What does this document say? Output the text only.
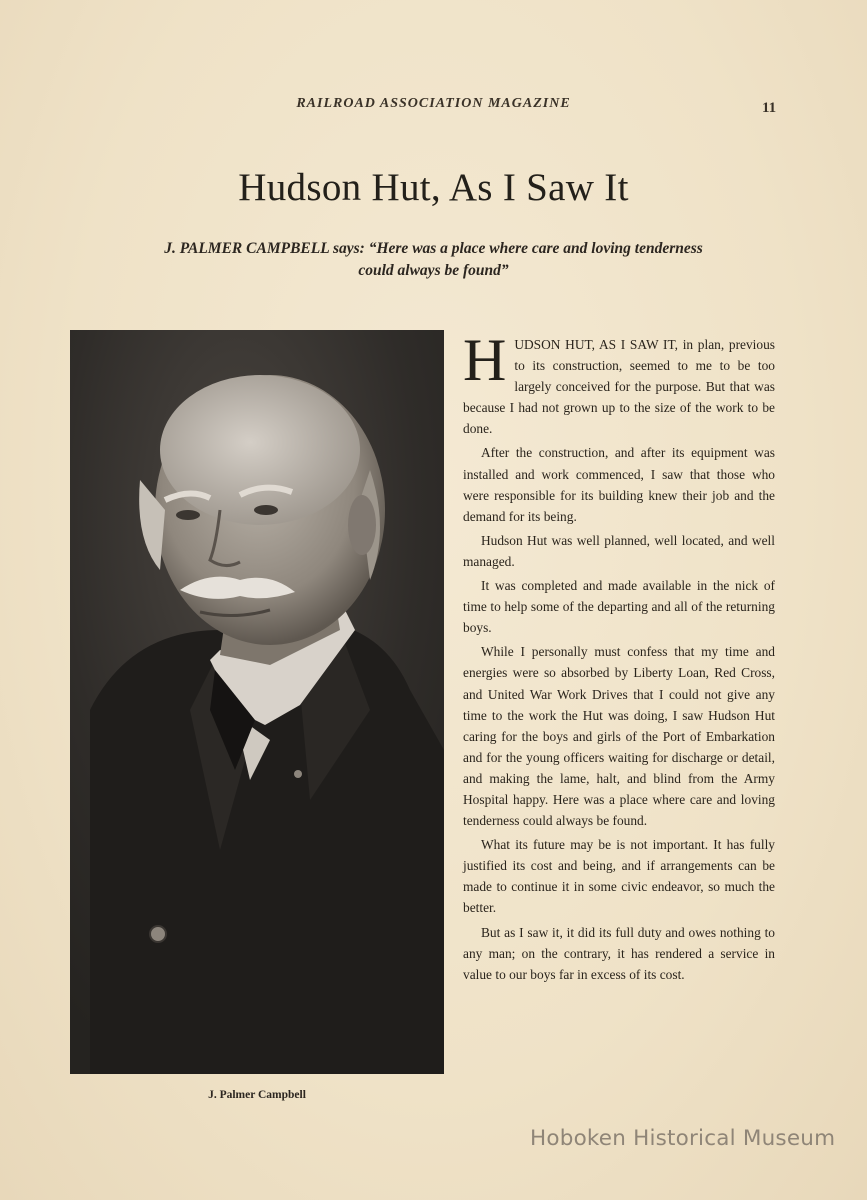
RAILROAD ASSOCIATION MAGAZINE	11
Hudson Hut, As I Saw It
J. PALMER CAMPBELL says: “Here was a place where care and loving tenderness could always be found”
J. Palmer Campbell

HUDSON HUT, AS I SAW IT, in plan, previous to its construction, seemed to me to be too largely conceived for the purpose. But that was because I had not grown up to the size of the work to be done.

After the construction, and after its equipment was installed and work commenced, I saw that those who were responsible for its building knew their job and the demand for its being.

Hudson Hut was well planned, well located, and well managed.

It was completed and made available in the nick of time to help some of the departing and all of the returning boys.

While I personally must confess that my time and energies were so absorbed by Liberty Loan, Red Cross, and United War Work Drives that I could not give any time to the work the Hut was doing, I saw Hudson Hut caring for the boys and girls of the Port of Embarkation and for the young officers waiting for discharge or detail, and making the lame, halt, and blind from the Army Hospital happy. Here was a place where care and loving tenderness could always be found.

What its future may be is not important. It has fully justified its cost and being, and if arrangements can be made to continue it in some civic endeavor, so much the better.

But as I saw it, it did its full duty and owes nothing to any man; on the contrary, it has rendered a service in value to our boys far in excess of its cost.

Hoboken Historical Museum
